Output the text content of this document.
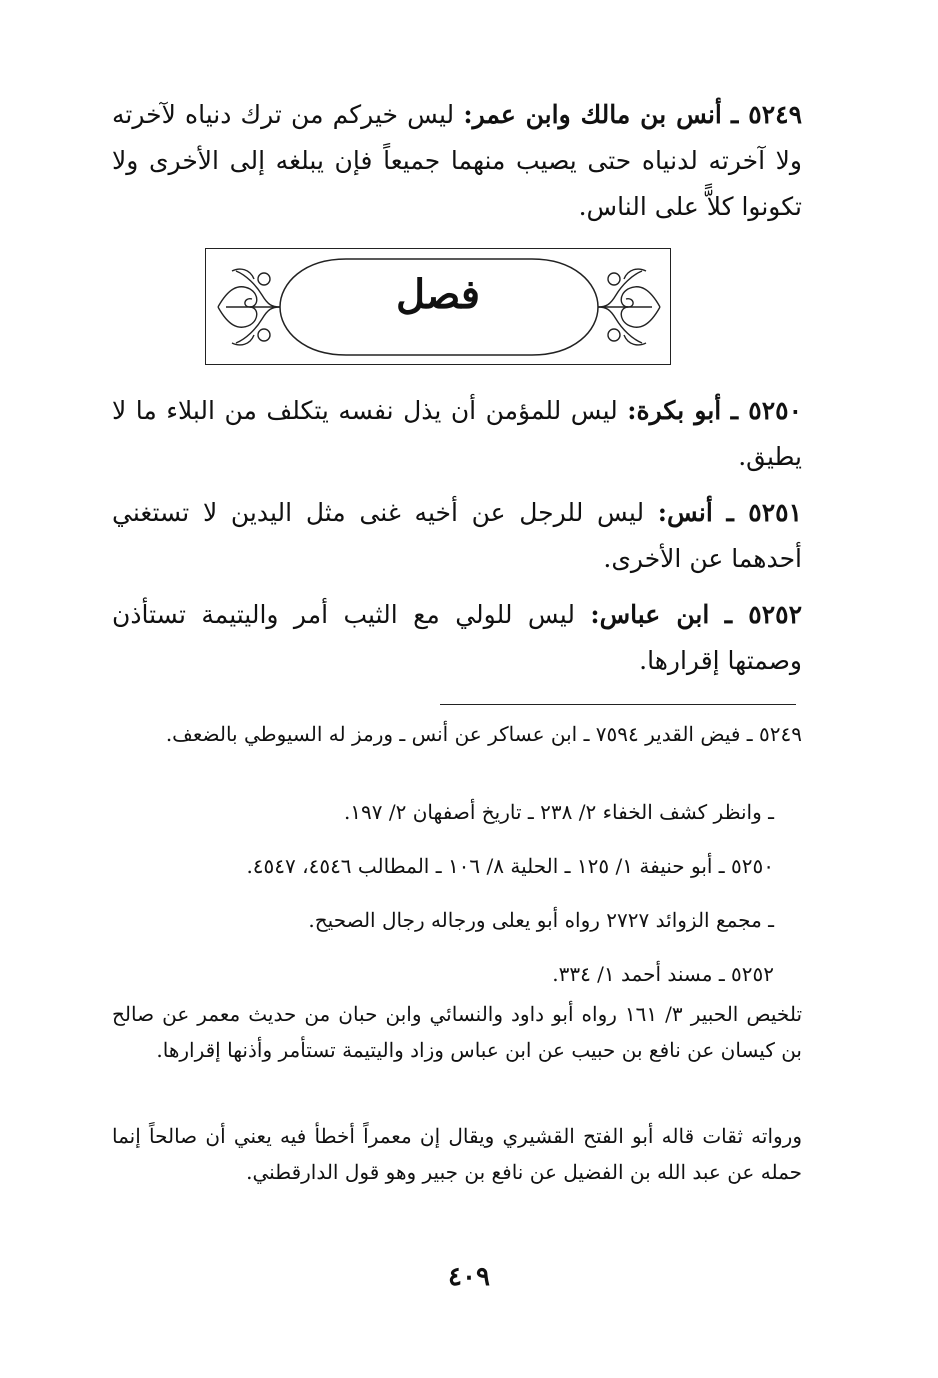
٥٢٤٩ ـ أنس بن مالك وابن عمر: ليس خيركم من ترك دنياه لآخرته ولا آخرته لدنياه حتى يصيب منهما جميعاً فإن يبلغه إلى الأخرى ولا تكونوا كلاًّ على الناس.
فصل
٥٢٥٠ ـ أبو بكرة: ليس للمؤمن أن يذل نفسه يتكلف من البلاء ما لا يطيق.
٥٢٥١ ـ أنس: ليس للرجل عن أخيه غنى مثل اليدين لا تستغني أحدهما عن الأخرى.
٥٢٥٢ ـ ابن عباس: ليس للولي مع الثيب أمر واليتيمة تستأذن وصمتها إقرارها.
٥٢٤٩ ـ فيض القدير ٧٥٩٤ ـ ابن عساكر عن أنس ـ ورمز له السيوطي بالضعف.
ـ وانظر كشف الخفاء ٢/ ٢٣٨ ـ تاريخ أصفهان ٢/ ١٩٧.
٥٢٥٠ ـ أبو حنيفة ١/ ١٢٥ ـ الحلية ٨/ ١٠٦ ـ المطالب ٤٥٤٦، ٤٥٤٧.
ـ مجمع الزوائد ٢٧٢٧ رواه أبو يعلى ورجاله رجال الصحيح.
٥٢٥٢ ـ مسند أحمد ١/ ٣٣٤.
تلخيص الحبير ٣/ ١٦١ رواه أبو داود والنسائي وابن حبان من حديث معمر عن صالح بن كيسان عن نافع بن حبيب عن ابن عباس وزاد واليتيمة تستأمر وأذنها إقرارها.
ورواته ثقات قاله أبو الفتح القشيري ويقال إن معمراً أخطأ فيه يعني أن صالحاً إنما حمله عن عبد الله بن الفضيل عن نافع بن جبير وهو قول الدارقطني.
٤٠٩
